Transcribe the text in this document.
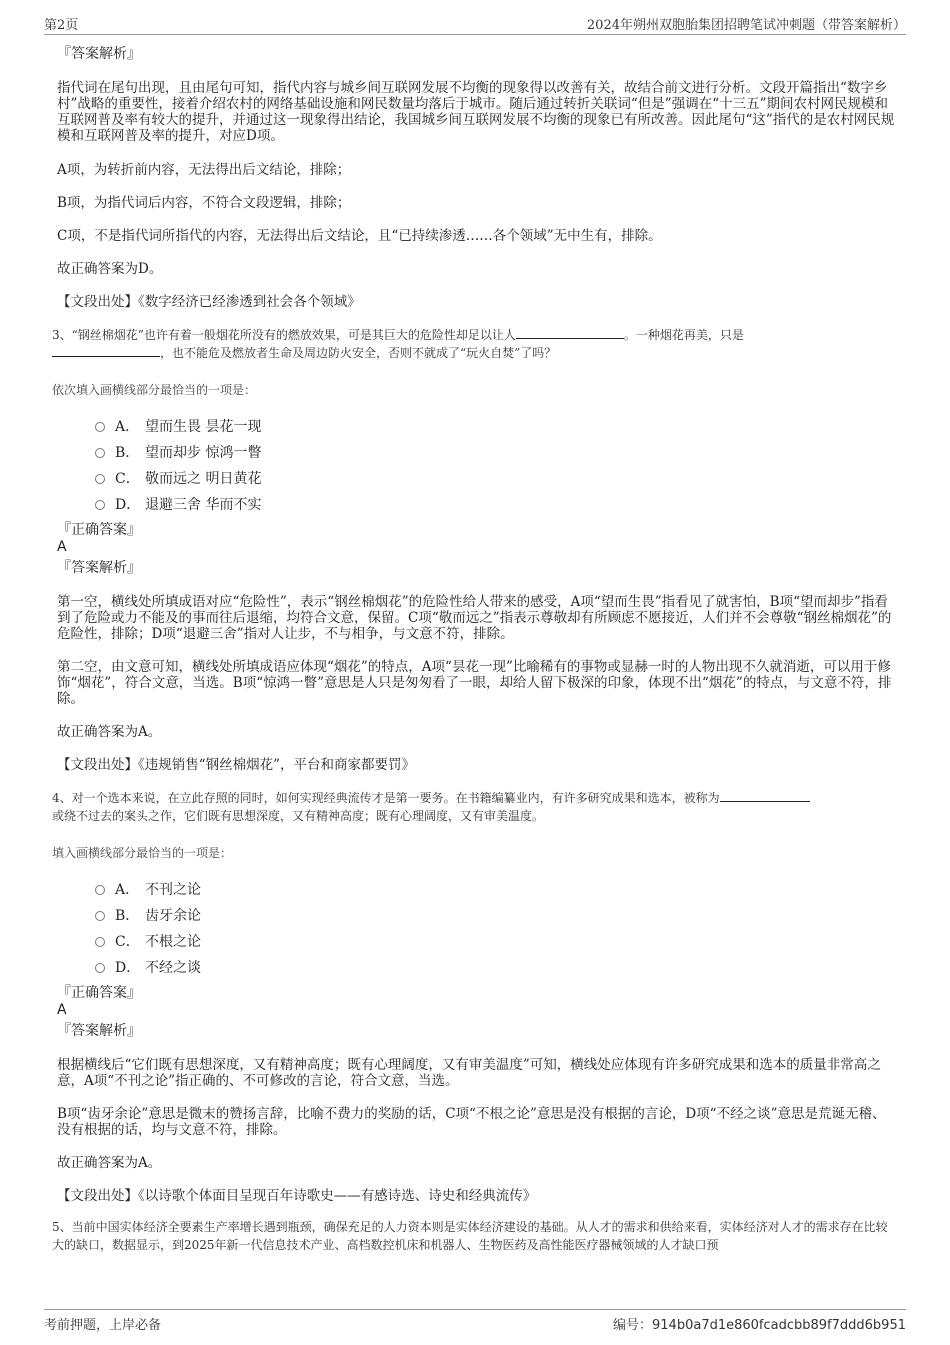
第2页	2024年朔州双胞胎集团招聘笔试冲刺题（带答案解析）
『答案解析』

指代词在尾句出现，且由尾句可知，指代内容与城乡间互联网发展不均衡的现象得以改善有关，故结合前文进行分析。文段开篇指出“数字乡村”战略的重要性，接着介绍农村的网络基础设施和网民数量均落后于城市。随后通过转折关联词“但是”强调在“十三五”期间农村网民规模和互联网普及率有较大的提升，并通过这一现象得出结论，我国城乡间互联网发展不均衡的现象已有所改善。因此尾句“这”指代的是农村网民规模和互联网普及率的提升，对应D项。

A项，为转折前内容，无法得出后文结论，排除；

B项，为指代词后内容，不符合文段逻辑，排除；

C项，不是指代词所指代的内容，无法得出后文结论，且“已持续渗透……各个领域”无中生有，排除。

故正确答案为D。

【文段出处】《数字经济已经渗透到社会各个领域》

3、“钢丝棉烟花”也许有着一般烟花所没有的燃放效果，可是其巨大的危险性却足以让人	。一种烟花再美，只是
，也不能危及燃放者生命及周边防火安全，否则不就成了“玩火自焚”了吗？
依次填入画横线部分最恰当的一项是：
A． 望而生畏 昙花一现
B． 望而却步 惊鸿一瞥
C． 敬而远之 明日黄花
D． 退避三舍 华而不实
『正确答案』
A
『答案解析』

第一空，横线处所填成语对应“危险性”，表示“钢丝棉烟花”的危险性给人带来的感受，A项“望而生畏”指看见了就害怕，B项“望而却步”指看到了危险或力不能及的事而往后退缩，均符合文意，保留。C项“敬而远之”指表示尊敬却有所顾虑不愿接近，人们并不会尊敬“钢丝棉烟花”的危险性，排除；D项“退避三舍”指对人让步，不与相争，与文意不符，排除。

第二空，由文意可知，横线处所填成语应体现“烟花”的特点，A项“昙花一现”比喻稀有的事物或显赫一时的人物出现不久就消逝，可以用于修饰“烟花”，符合文意，当选。B项“惊鸿一瞥”意思是人只是匆匆看了一眼，却给人留下极深的印象，体现不出“烟花”的特点，与文意不符，排除。

故正确答案为A。

【文段出处】《违规销售“钢丝棉烟花”，平台和商家都要罚》

4、对一个选本来说，在立此存照的同时，如何实现经典流传才是第一要务。在书籍编纂业内，有许多研究成果和选本，被称为
或绕不过去的案头之作，它们既有思想深度，又有精神高度；既有心理阔度，又有审美温度。
填入画横线部分最恰当的一项是：
A． 不刊之论
B． 齿牙余论
C． 不根之论
D． 不经之谈
『正确答案』
A
『答案解析』

根据横线后“它们既有思想深度，又有精神高度；既有心理阔度，又有审美温度”可知，横线处应体现有许多研究成果和选本的质量非常高之意，A项“不刊之论”指正确的、不可修改的言论，符合文意，当选。

B项“齿牙余论”意思是微末的赞扬言辞，比喻不费力的奖励的话，C项“不根之论”意思是没有根据的言论，D项“不经之谈”意思是荒诞无稽、没有根据的话，均与文意不符，排除。

故正确答案为A。

【文段出处】《以诗歌个体面目呈现百年诗歌史——有感诗选、诗史和经典流传》

5、当前中国实体经济全要素生产率增长遇到瓶颈，确保充足的人力资本则是实体经济建设的基础。从人才的需求和供给来看，实体经济对人才的需求存在比较大的缺口，数据显示，到2025年新一代信息技术产业、高档数控机床和机器人、生物医药及高性能医疗器械领域的人才缺口预
考前押题，上岸必备	编号：914b0a7d1e860fcadcbb89f7ddd6b951
